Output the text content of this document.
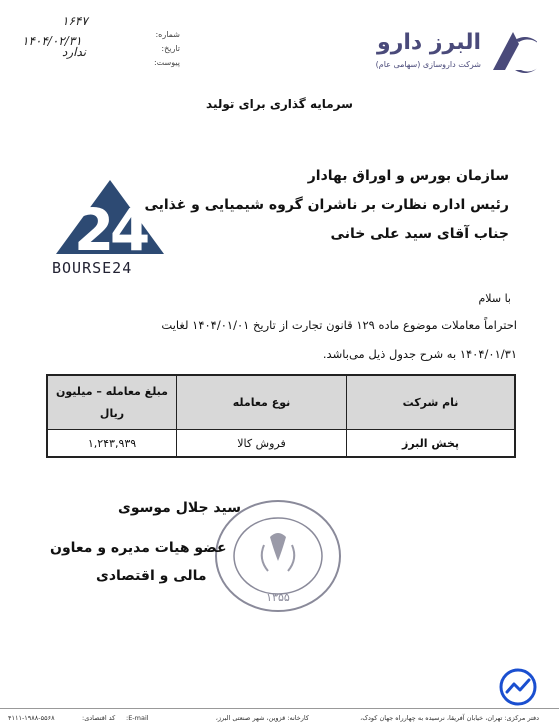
البرز دارو
شرکت داروسازی (سهامی عام)
شماره:
تاریخ:
پیوست:
۱۶۴۷
۱۴۰۴/۰۲/۳۱
ندارد
سرمایه گذاری برای تولید
سازمان بورس و اوراق بهادار
رئیس اداره نظارت بر ناشران گروه شیمیایی و غذایی
جناب آقای سید علی خانی
2
4
BOURSE24
با سلام
احتراماً معاملات موضوع ماده ۱۲۹ قانون تجارت از تاریخ ۱۴۰۴/۰۱/۰۱ لغایت
۱۴۰۴/۰۱/۳۱ به شرح جدول ذیل می‌باشد.
نام شرکت
نوع معامله
مبلغ معامله – میلیون ریال
پخش البرز
فروش کالا
۱,۲۴۳,۹۳۹
۱۳۵۵
سید جلال موسوی
عضو هیات مدیره و معاون
مالی و اقتصادی
دفتر مرکزی: تهران، خیابان آفریقا، نرسیده به چهارراه جهان کودک،
کارخانه: قزوین، شهر صنعتی البرز،
E-mail:
کد اقتصادی:
۴۱۱۱-۱۹۸۸-۵۵۶۸
